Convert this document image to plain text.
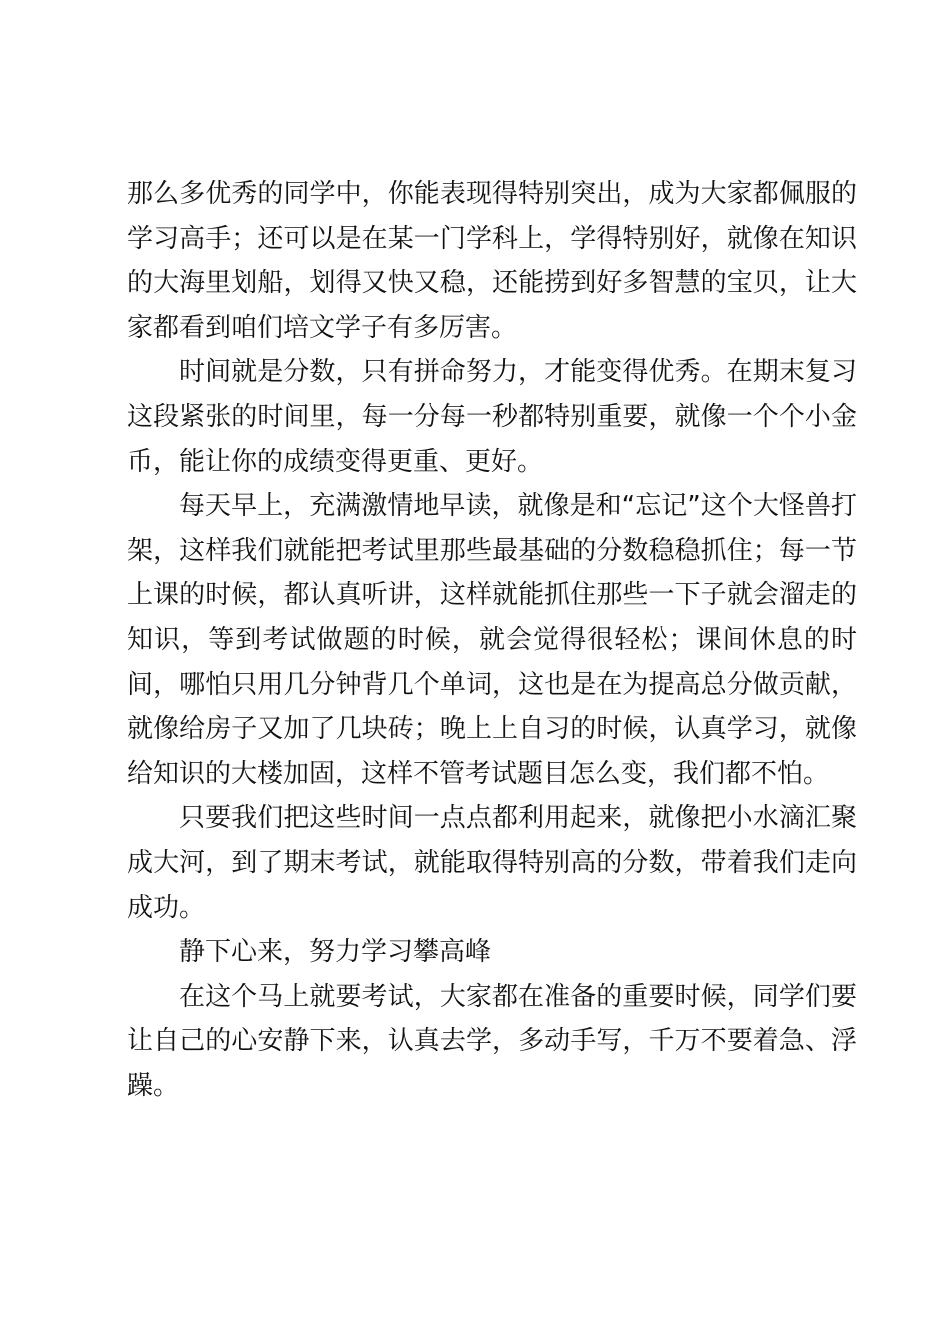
那么多优秀的同学中，你能表现得特别突出，成为大家都佩服的学习高手；还可以是在某一门学科上，学得特别好，就像在知识的大海里划船，划得又快又稳，还能捞到好多智慧的宝贝，让大家都看到咱们培文学子有多厉害。

时间就是分数，只有拼命努力，才能变得优秀。在期末复习这段紧张的时间里，每一分每一秒都特别重要，就像一个个小金币，能让你的成绩变得更重、更好。

每天早上，充满激情地早读，就像是和“忘记”这个大怪兽打架，这样我们就能把考试里那些最基础的分数稳稳抓住；每一节上课的时候，都认真听讲，这样就能抓住那些一下子就会溜走的知识，等到考试做题的时候，就会觉得很轻松；课间休息的时间，哪怕只用几分钟背几个单词，这也是在为提高总分做贡献，就像给房子又加了几块砖；晚上上自习的时候，认真学习，就像给知识的大楼加固，这样不管考试题目怎么变，我们都不怕。

只要我们把这些时间一点点都利用起来，就像把小水滴汇聚成大河，到了期末考试，就能取得特别高的分数，带着我们走向成功。

静下心来，努力学习攀高峰

在这个马上就要考试，大家都在准备的重要时候，同学们要让自己的心安静下来，认真去学，多动手写，千万不要着急、浮躁。
